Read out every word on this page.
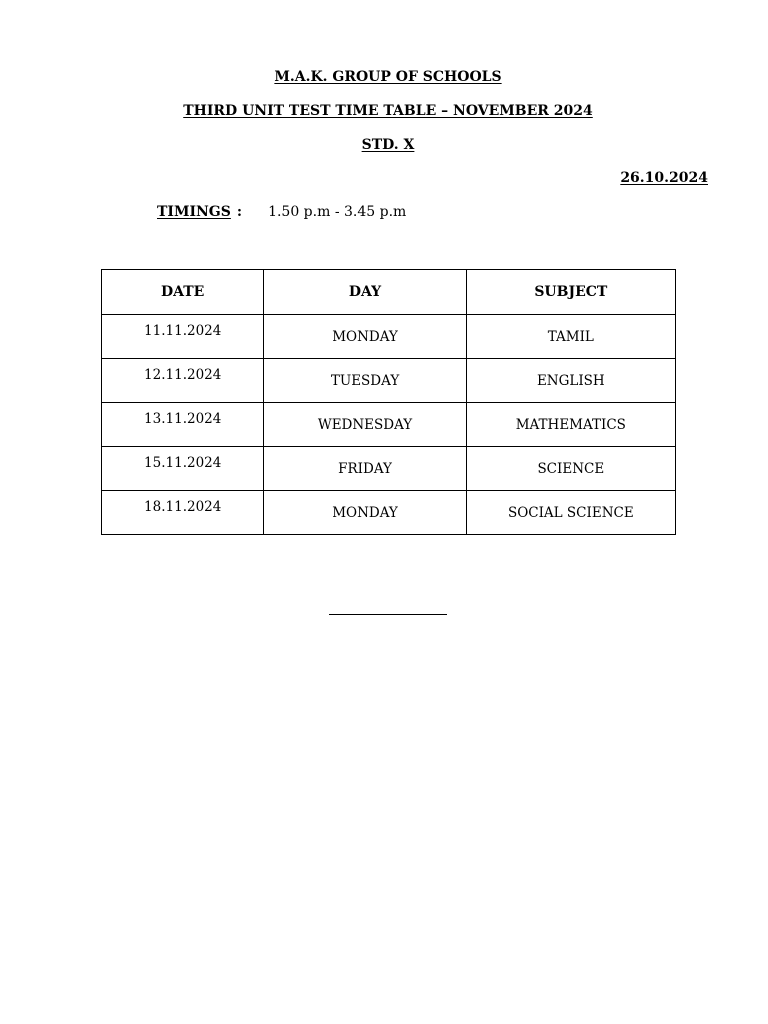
M.A.K. GROUP OF SCHOOLS
THIRD UNIT TEST TIME TABLE – NOVEMBER 2024
STD. X
26.10.2024
TIMINGS : 1.50 p.m - 3.45 p.m
DATE	DAY	SUBJECT
11.11.2024	MONDAY	TAMIL
12.11.2024	TUESDAY	ENGLISH
13.11.2024	WEDNESDAY	MATHEMATICS
15.11.2024	FRIDAY	SCIENCE
18.11.2024	MONDAY	SOCIAL SCIENCE
